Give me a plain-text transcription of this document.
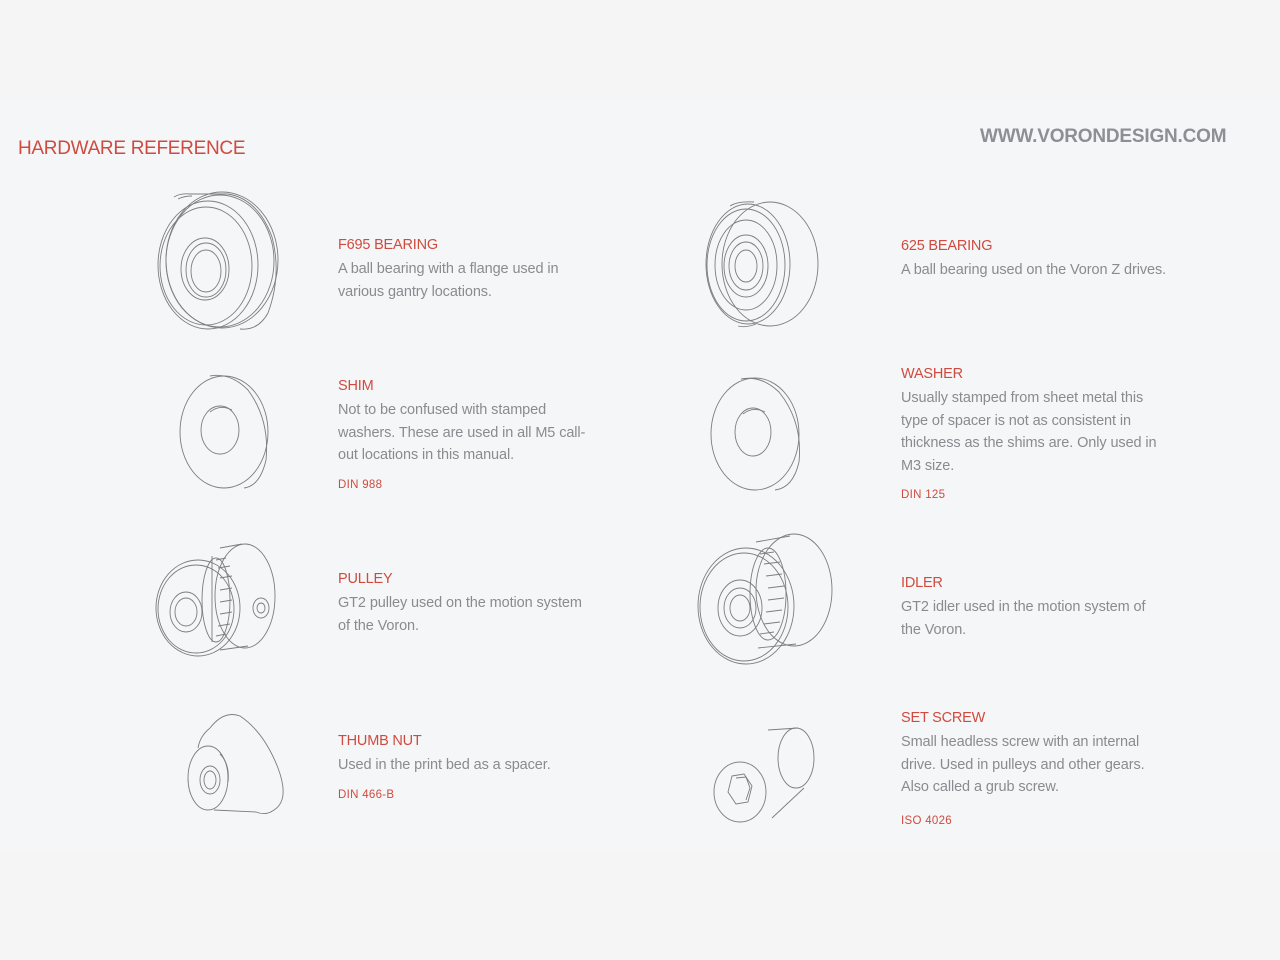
HARDWARE REFERENCE
WWW.VORONDESIGN.COM
F695 BEARING
A ball bearing with a flange used in various gantry locations.
625 BEARING
A ball bearing used on the Voron Z drives.
SHIM
Not to be confused with stamped washers. These are used in all M5 call-out locations in this manual.
DIN 988
WASHER
Usually stamped from sheet metal this type of spacer is not as consistent in thickness as the shims are. Only used in M3 size.
DIN 125
PULLEY
GT2 pulley used on the motion system of the Voron.
IDLER
GT2 idler used in the motion system of the Voron.
THUMB NUT
Used in the print bed as a spacer.
DIN 466-B
SET SCREW
Small headless screw with an internal drive. Used in pulleys and other gears. Also called a grub screw.
ISO 4026
